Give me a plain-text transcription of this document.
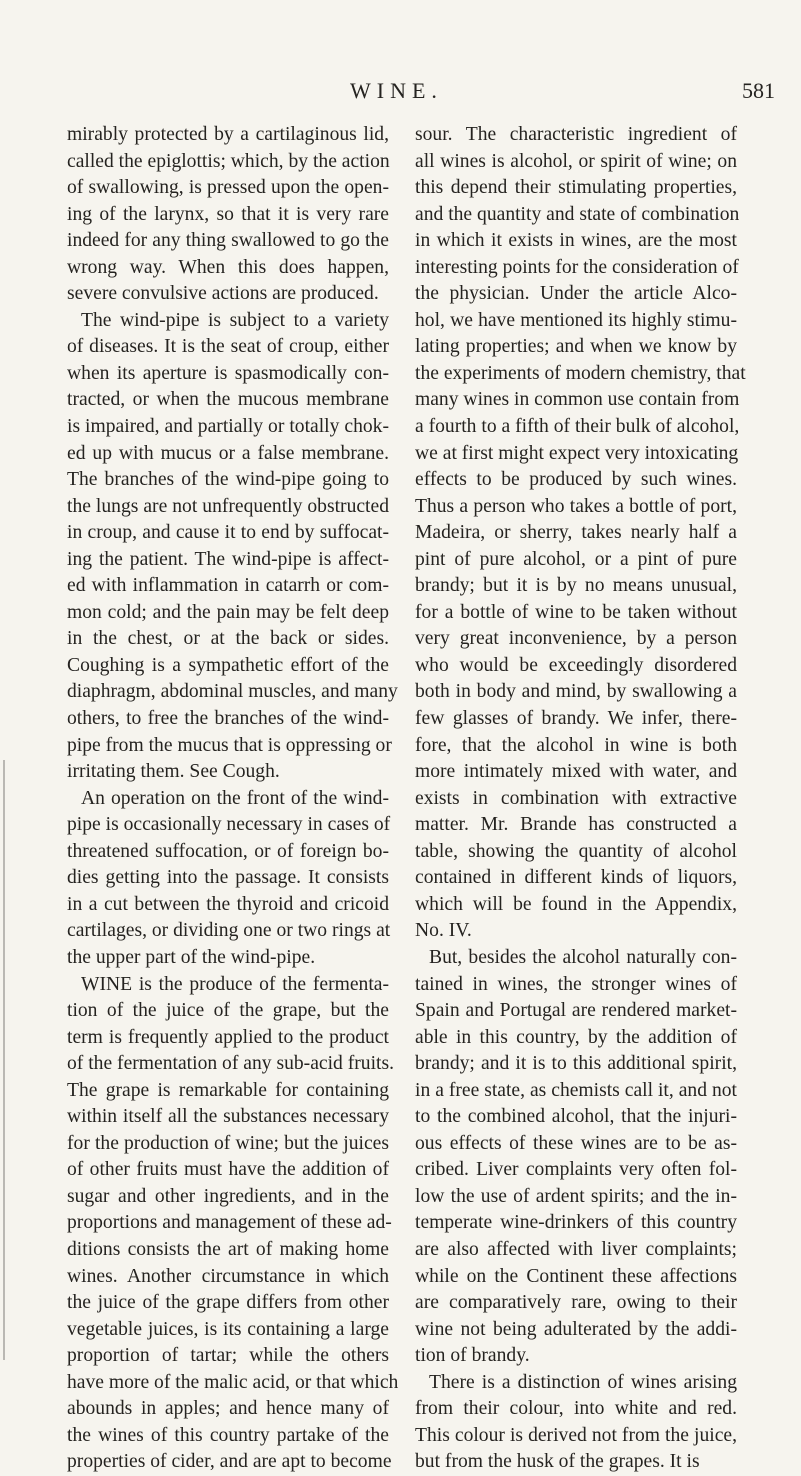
WINE.	581
mirably protected by a cartilaginous lid,
called the epiglottis; which, by the action
of swallowing, is pressed upon the open-
ing of the larynx, so that it is very rare
indeed for any thing swallowed to go the
wrong way. When this does happen,
severe convulsive actions are produced.
The wind-pipe is subject to a variety
of diseases. It is the seat of croup, either
when its aperture is spasmodically con-
tracted, or when the mucous membrane
is impaired, and partially or totally chok-
ed up with mucus or a false membrane.
The branches of the wind-pipe going to
the lungs are not unfrequently obstructed
in croup, and cause it to end by suffocat-
ing the patient. The wind-pipe is affect-
ed with inflammation in catarrh or com-
mon cold; and the pain may be felt deep
in the chest, or at the back or sides.
Coughing is a sympathetic effort of the
diaphragm, abdominal muscles, and many
others, to free the branches of the wind-
pipe from the mucus that is oppressing or
irritating them. See Cough.
An operation on the front of the wind-
pipe is occasionally necessary in cases of
threatened suffocation, or of foreign bo-
dies getting into the passage. It consists
in a cut between the thyroid and cricoid
cartilages, or dividing one or two rings at
the upper part of the wind-pipe.
WINE is the produce of the fermenta-
tion of the juice of the grape, but the
term is frequently applied to the product
of the fermentation of any sub-acid fruits.
The grape is remarkable for containing
within itself all the substances necessary
for the production of wine; but the juices
of other fruits must have the addition of
sugar and other ingredients, and in the
proportions and management of these ad-
ditions consists the art of making home
wines. Another circumstance in which
the juice of the grape differs from other
vegetable juices, is its containing a large
proportion of tartar; while the others
have more of the malic acid, or that which
abounds in apples; and hence many of
the wines of this country partake of the
properties of cider, and are apt to become
sour. The characteristic ingredient of
all wines is alcohol, or spirit of wine; on
this depend their stimulating properties,
and the quantity and state of combination
in which it exists in wines, are the most
interesting points for the consideration of
the physician. Under the article Alco-
hol, we have mentioned its highly stimu-
lating properties; and when we know by
the experiments of modern chemistry, that
many wines in common use contain from
a fourth to a fifth of their bulk of alcohol,
we at first might expect very intoxicating
effects to be produced by such wines.
Thus a person who takes a bottle of port,
Madeira, or sherry, takes nearly half a
pint of pure alcohol, or a pint of pure
brandy; but it is by no means unusual,
for a bottle of wine to be taken without
very great inconvenience, by a person
who would be exceedingly disordered
both in body and mind, by swallowing a
few glasses of brandy. We infer, there-
fore, that the alcohol in wine is both
more intimately mixed with water, and
exists in combination with extractive
matter. Mr. Brande has constructed a
table, showing the quantity of alcohol
contained in different kinds of liquors,
which will be found in the Appendix,
No. IV.
But, besides the alcohol naturally con-
tained in wines, the stronger wines of
Spain and Portugal are rendered market-
able in this country, by the addition of
brandy; and it is to this additional spirit,
in a free state, as chemists call it, and not
to the combined alcohol, that the injuri-
ous effects of these wines are to be as-
cribed. Liver complaints very often fol-
low the use of ardent spirits; and the in-
temperate wine-drinkers of this country
are also affected with liver complaints;
while on the Continent these affections
are comparatively rare, owing to their
wine not being adulterated by the addi-
tion of brandy.
There is a distinction of wines arising
from their colour, into white and red.
This colour is derived not from the juice,
but from the husk of the grapes. It is
